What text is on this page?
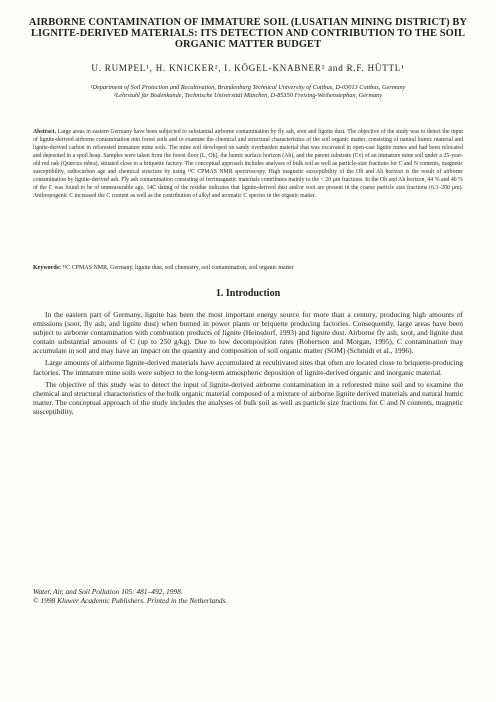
AIRBORNE CONTAMINATION OF IMMATURE SOIL (LUSATIAN MINING DISTRICT) BY LIGNITE-DERIVED MATERIALS: ITS DETECTION AND CONTRIBUTION TO THE SOIL ORGANIC MATTER BUDGET
U. RUMPEL¹, H. KNICKER², I. KÖGEL-KNABNER² and R.F. HÜTTL¹
¹Department of Soil Protection and Recultivation, Brandenburg Technical University of Cottbus, D-03013 Cottbus, Germany
²Lehrstuhl für Bodenkunde, Technische Universität München, D-85350 Freising-Weihenstephan, Germany
Abstract. Large areas in eastern Germany have been subjected to substantial airborne contamination by fly ash, soot and lignite dust. The objective of the study was to detect the input of lignite-derived airborne contamination into forest soils and to examine the chemical and structural characteristics of the soil organic matter, consisting of natural humic material and lignite-derived carbon in reforested immature mine soils. The mine soil developed on sandy overburden material that was excavated in open-cast lignite mines and had been relocated and deposited in a spoil heap. Samples were taken from the forest floor (L, Oh), the humic surface horizon (Ah), and the parent substrate (Cv) of an immature mine soil under a 25-year-old red oak (Quercus rubra), situated close to a briquette factory. The conceptual approach includes analyses of bulk soil as well as particle-size fractions for C and N contents, magnetic susceptibility, radiocarbon age and chemical structure by using ¹³C CPMAS NMR spectroscopy. High magnetic susceptibility of the Oh and Ah horizon is the result of airborne contamination by lignite-derived ash. Fly ash contamination consisting of ferrimagnetic materials contributes mainly to the < 20 µm fractions. In the Oh and Ah horizon, 44 % and 40 % of the C was found to be of unmeasurable age. 14C dating of the residue indicates that lignite-derived dust and/or soot are present in the coarse particle size fractions (6.3–200 µm). Anthropogenic C increased the C content as well as the contribution of alkyl and aromatic C species in the organic matter.
Keywords: ¹³C CPMAS NMR, Germany, lignite dust, soil chemistry, soil contamination, soil organic matter
1. Introduction

In the eastern part of Germany, lignite has been the most important energy source for more than a century, producing high amounts of emissions (soot, fly ash, and lignite dust) when burned in power plants or briquette producing factories. Consequently, large areas have been subject to airborne contamination with combustion products of lignite (Heinsdorf, 1993) and lignite dust. Airborne fly ash, soot, and lignite dust contain substantial amounts of C (up to 250 g/kg). Due to low decomposition rates (Robertson and Morgan, 1995), C contamination may accumulate in soil and may have an impact on the quantity and composition of soil organic matter (SOM) (Schmidt et al., 1996).

Large amounts of airborne lignite-derived materials have accumulated at recultivated sites that often are located close to briquette-producing factories. The immature mine soils were subject to the long-term atmospheric deposition of lignite-derived organic and inorganic material.

The objective of this study was to detect the input of lignite-derived airborne contamination in a reforested mine soil and to examine the chemical and structural characteristics of the bulk organic material composed of a mixture of airborne lignite derived materials and natural humic matter. The conceptual approach of the study includes the analyses of bulk soil as well as particle size fractions for C and N contents, magnetic susceptibility,

Water, Air, and Soil Pollution 105: 481–492, 1998.
© 1998 Kluwer Academic Publishers. Printed in the Netherlands.
